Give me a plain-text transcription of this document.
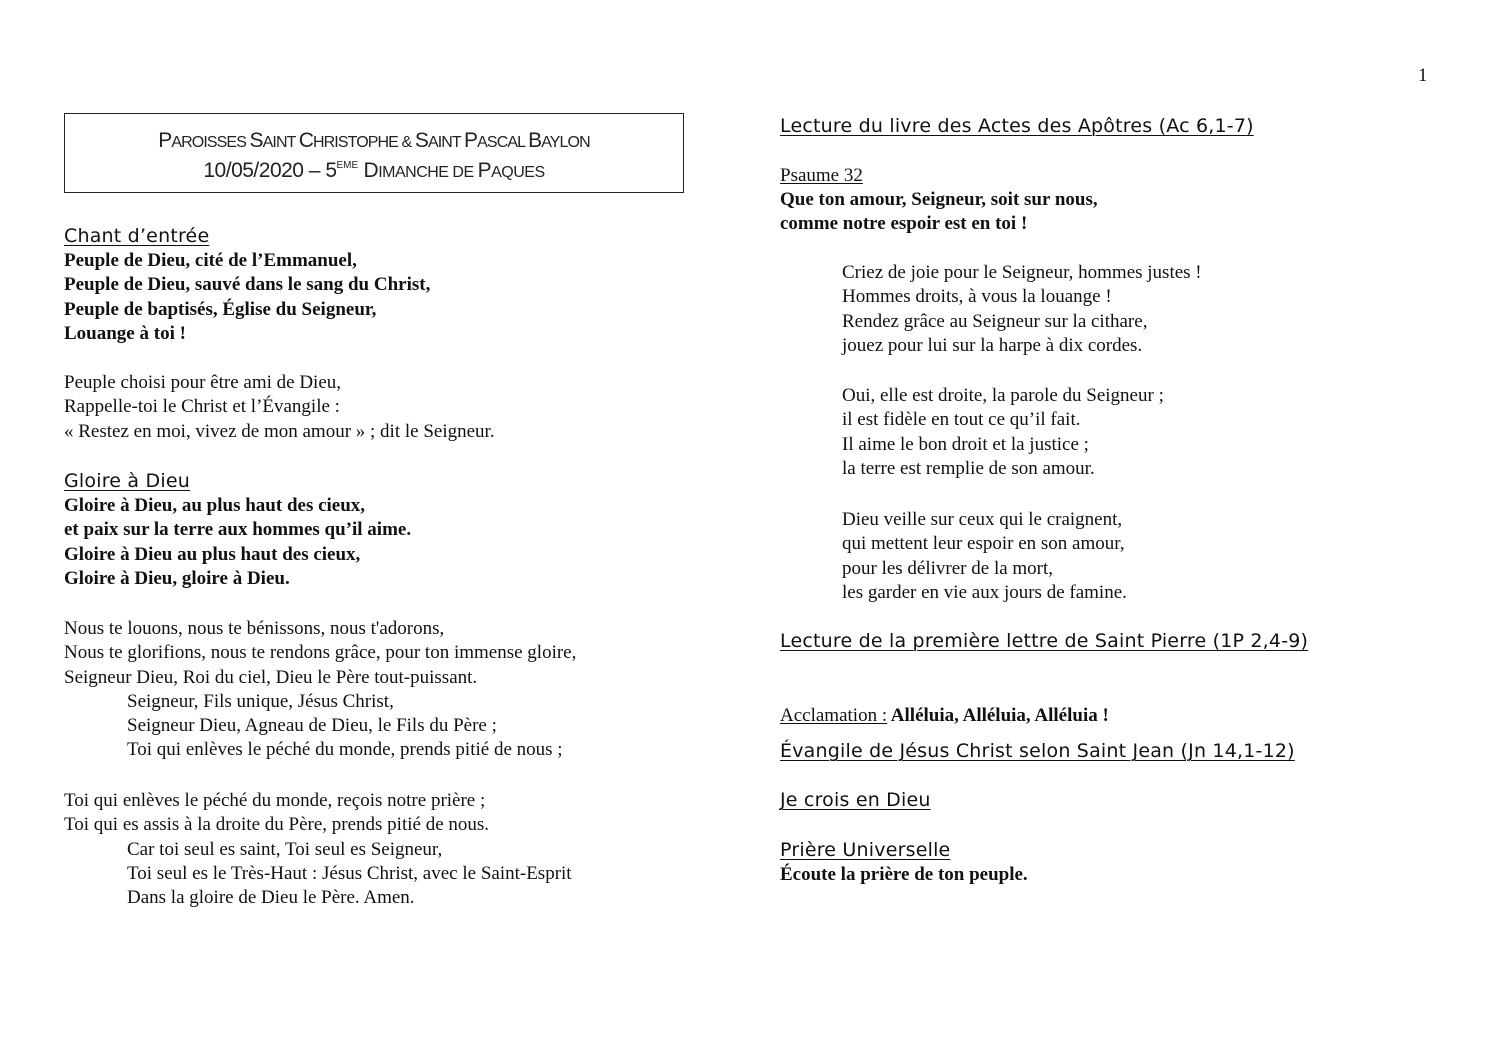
1
PAROISSES SAINT CHRISTOPHE & SAINT PASCAL BAYLON
10/05/2020 – 5EME DIMANCHE DE PAQUES
Chant d’entrée
Peuple de Dieu, cité de l’Emmanuel,
Peuple de Dieu, sauvé dans le sang du Christ,
Peuple de baptisés, Église du Seigneur,
Louange à toi !
Peuple choisi pour être ami de Dieu,
Rappelle-toi le Christ et l’Évangile :
« Restez en moi, vivez de mon amour » ; dit le Seigneur.
Gloire à Dieu
Gloire à Dieu, au plus haut des cieux,
et paix sur la terre aux hommes qu’il aime.
Gloire à Dieu au plus haut des cieux,
Gloire à Dieu, gloire à Dieu.
Nous te louons, nous te bénissons, nous t'adorons,
Nous te glorifions, nous te rendons grâce, pour ton immense gloire,
Seigneur Dieu, Roi du ciel, Dieu le Père tout-puissant.
Seigneur, Fils unique, Jésus Christ,
Seigneur Dieu, Agneau de Dieu, le Fils du Père ;
Toi qui enlèves le péché du monde, prends pitié de nous ;
Toi qui enlèves le péché du monde, reçois notre prière ;
Toi qui es assis à la droite du Père, prends pitié de nous.
Car toi seul es saint, Toi seul es Seigneur,
Toi seul es le Très-Haut : Jésus Christ, avec le Saint-Esprit
Dans la gloire de Dieu le Père. Amen.
Lecture du livre des Actes des Apôtres (Ac 6,1-7)
Psaume 32
Que ton amour, Seigneur, soit sur nous,
comme notre espoir est en toi !
Criez de joie pour le Seigneur, hommes justes !
Hommes droits, à vous la louange !
Rendez grâce au Seigneur sur la cithare,
jouez pour lui sur la harpe à dix cordes.
Oui, elle est droite, la parole du Seigneur ;
il est fidèle en tout ce qu’il fait.
Il aime le bon droit et la justice ;
la terre est remplie de son amour.
Dieu veille sur ceux qui le craignent,
qui mettent leur espoir en son amour,
pour les délivrer de la mort,
les garder en vie aux jours de famine.
Lecture de la première lettre de Saint Pierre (1P 2,4-9)
Acclamation : Alléluia, Alléluia, Alléluia !
Évangile de Jésus Christ selon Saint Jean (Jn 14,1-12)
Je crois en Dieu
Prière Universelle
Écoute la prière de ton peuple.
